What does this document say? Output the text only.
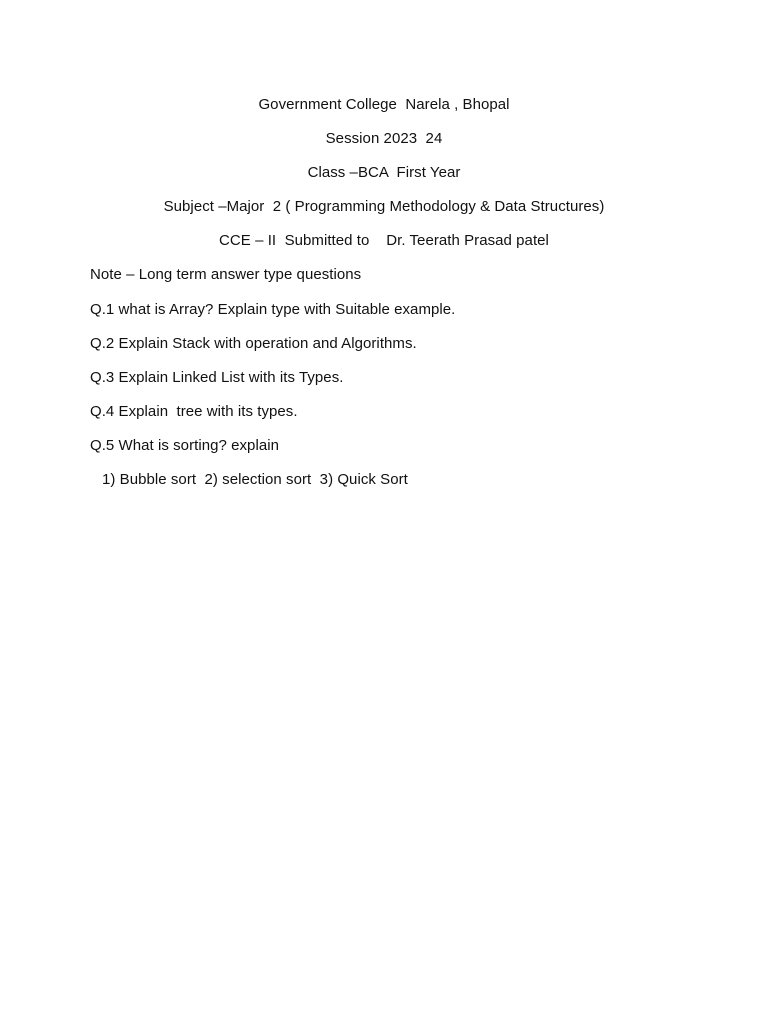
Government College  Narela , Bhopal
Session 2023  24
Class –BCA  First Year
Subject –Major  2 ( Programming Methodology & Data Structures)
CCE – II  Submitted to    Dr. Teerath Prasad patel
Note – Long term answer type questions
Q.1 what is Array? Explain type with Suitable example.
Q.2 Explain Stack with operation and Algorithms.
Q.3 Explain Linked List with its Types.
Q.4 Explain  tree with its types.
Q.5 What is sorting? explain
1) Bubble sort  2) selection sort  3) Quick Sort
